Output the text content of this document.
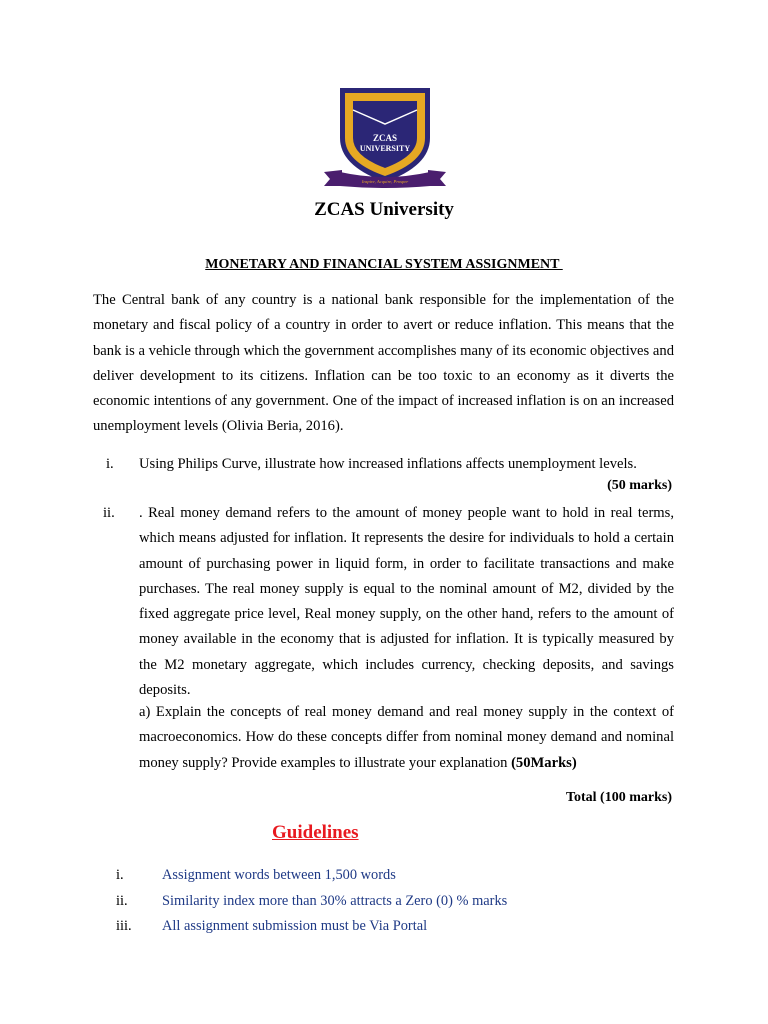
ZCAS
UNIVERSITY
Inspire, Acquire, Prosper
ZCAS University
MONETARY AND FINANCIAL SYSTEM ASSIGNMENT
The Central bank of any country is a national bank responsible for the implementation of the monetary and fiscal policy of a country in order to avert or reduce inflation. This means that the bank is a vehicle through which the government accomplishes many of its economic objectives and deliver development to its citizens. Inflation can be too toxic to an economy as it diverts the economic intentions of any government. One of the impact of increased inflation is on an increased unemployment levels (Olivia Beria, 2016).
i. Using Philips Curve, illustrate how increased inflations affects unemployment levels.
(50 marks)
ii. . Real money demand refers to the amount of money people want to hold in real terms, which means adjusted for inflation. It represents the desire for individuals to hold a certain amount of purchasing power in liquid form, in order to facilitate transactions and make purchases. The real money supply is equal to the nominal amount of M2, divided by the fixed aggregate price level, Real money supply, on the other hand, refers to the amount of money available in the economy that is adjusted for inflation. It is typically measured by the M2 monetary aggregate, which includes currency, checking deposits, and savings deposits.
a) Explain the concepts of real money demand and real money supply in the context of macroeconomics. How do these concepts differ from nominal money demand and nominal money supply? Provide examples to illustrate your explanation (50Marks)
Total (100 marks)
Guidelines
i.	Assignment words between 1,500 words
ii. Similarity index more than 30% attracts a Zero (0) % marks
iii. All assignment submission must be Via Portal
